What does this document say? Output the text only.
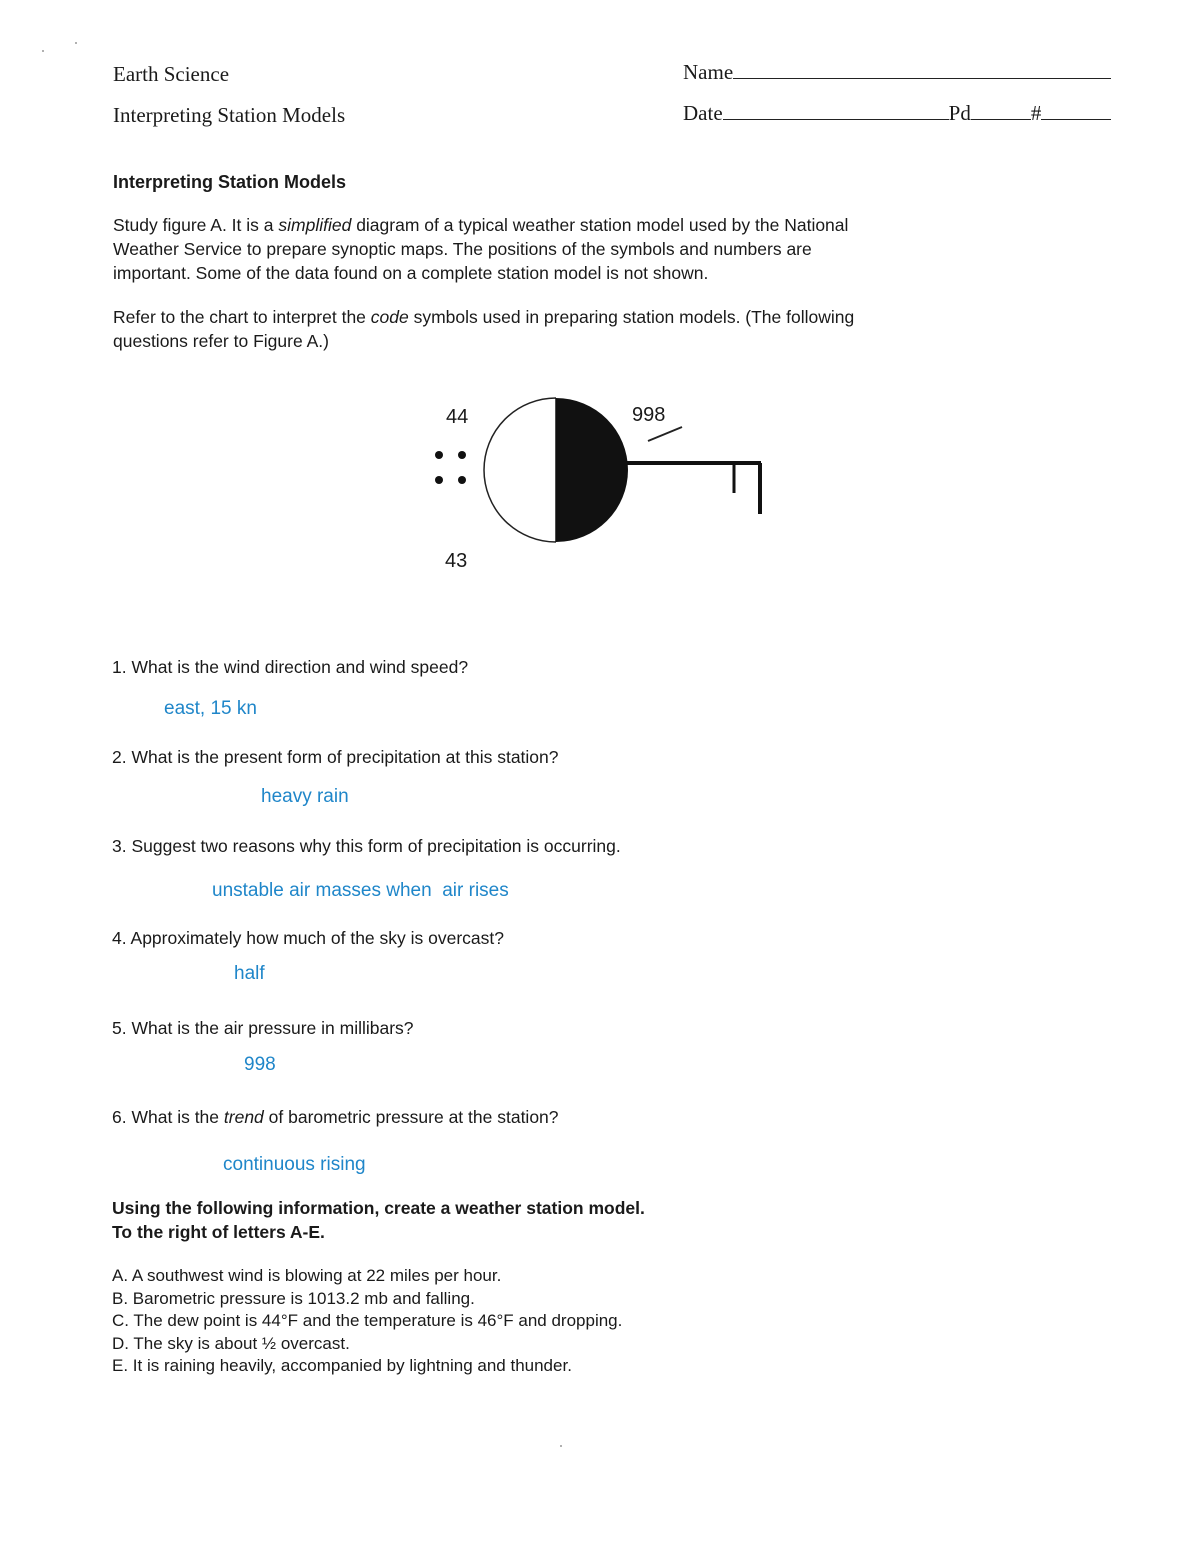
Earth Science
Interpreting Station Models
Name
Date	Pd	#
Interpreting Station Models
Study figure A. It is a simplified diagram of a typical weather station model used by the National
Weather Service to prepare synoptic maps. The positions of the symbols and numbers are
important. Some of the data found on a complete station model is not shown.
Refer to the chart to interpret the code symbols used in preparing station models. (The following
questions refer to Figure A.)
44	998
43
1. What is the wind direction and wind speed?
east, 15 kn
2. What is the present form of precipitation at this station?
heavy rain
3. Suggest two reasons why this form of precipitation is occurring.
unstable air masses when  air rises
4. Approximately how much of the sky is overcast?
half
5. What is the air pressure in millibars?
998
6. What is the trend of barometric pressure at the station?
continuous rising
Using the following information, create a weather station model.
To the right of letters A-E.
A. A southwest wind is blowing at 22 miles per hour.
B. Barometric pressure is 1013.2 mb and falling.
C. The dew point is 44°F and the temperature is 46°F and dropping.
D. The sky is about ½ overcast.
E. It is raining heavily, accompanied by lightning and thunder.
